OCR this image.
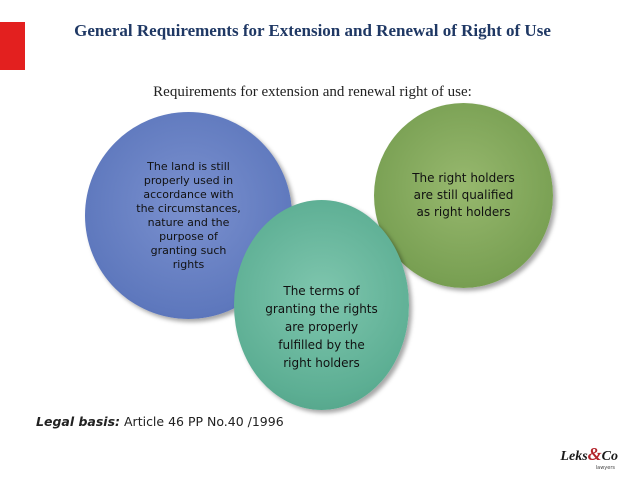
General Requirements for Extension and Renewal of Right of Use
Requirements for extension and renewal right of use:
The land is still properly used in accordance with the circumstances, nature and the purpose of granting such rights
The right holders are still qualified as right holders
The terms of granting the rights are properly fulfilled by the right holders
Legal basis: Article 46 PP No.40 /1996
Leks&Co
lawyers
